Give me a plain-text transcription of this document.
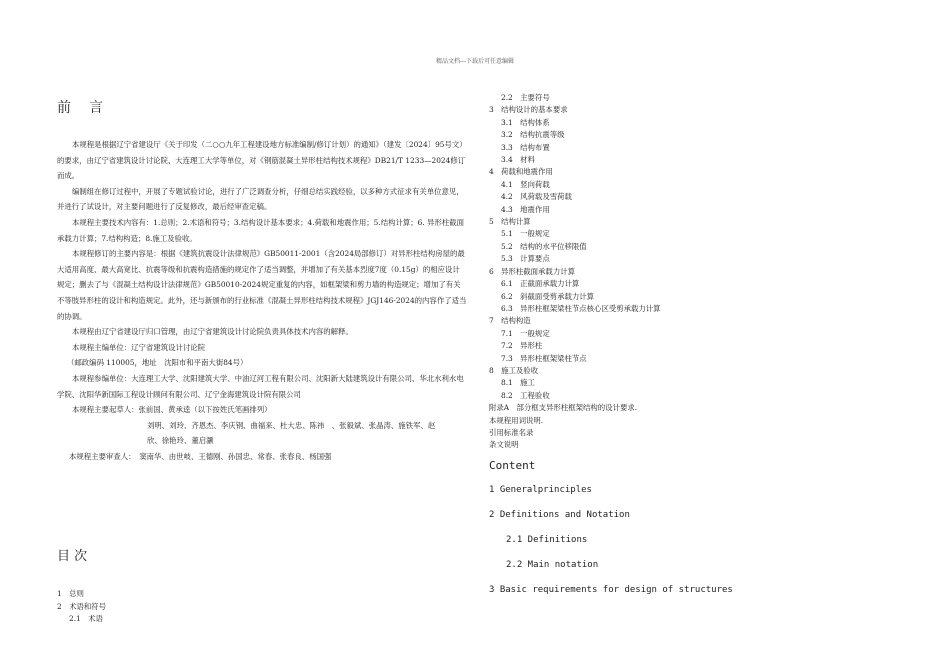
精品文档---下载后可任意编辑
前 言
本规程是根据辽宁省建设厅《关于印发（二○○九年工程建设地方标准编制/修订计划）的通知》（建发〔2024〕95号文）的要求，由辽宁省建筑设计讨论院、大连理工大学等单位，对《钢筋混凝土异形柱结构技术规程》DB21/T 1233—2024修订而成。
编制组在修订过程中，开展了专题试验讨论，进行了广泛调查分析，仔细总结实践经验，以多种方式征求有关单位意见，并进行了试设计，对主要问题进行了反复修改，最后经审查定稿。
本规程主要技术内容有：1.总则；2.术语和符号；3.结构设计基本要求；4.荷载和地震作用；5.结构计算；6. 异形柱截面承载力计算；7.结构构造；8.施工及验收。
本规程修订的主要内容是：根据《建筑抗震设计法律规范》GB50011-2001（含2024局部修订）对异形柱结构房屋的最大适用高度、最大高宽比、抗震等级和抗震构造措施的规定作了适当调整，并增加了有关基本烈度7度（0.15g）的相应设计规定；删去了与《混凝土结构设计法律规范》GB50010-2024规定重复的内容，如框架梁和剪力墙的构造规定；增加了有关不等肢异形柱的设计和构造规定。此外，还与新颁布的行业标准《混凝土异形柱结构技术规程》JGJ146-2024的内容作了适当的协调。
本规程由辽宁省建设厅归口管理，由辽宁省建筑设计讨论院负责具体技术内容的解释。
本规程主编单位：辽宁省建筑设计讨论院
（邮政编码 110005，地址　沈阳市和平南大街84号）
本规程参编单位：大连理工大学、沈阳建筑大学、中油辽河工程有限公司、沈阳新大陆建筑设计有限公司、华北水利水电学院、沈阳华新国际工程设计顾问有限公司、辽宁金海建筑设计院有限公司
本规程主要起草人：张前国、黄承逵（以下按姓氏笔画排列）
刘明、刘玲、齐恩杰、李庆钢、曲福来、杜大忠、陈祎　、张毅斌、张晶涛、施铁军、赵
欣、徐艳玲、董启灏
本规程主要审查人：　窦南华、由世岐、王德刚、孙国忠、常春、张春良、杨国强
目 次
1　总则
2　术语和符号
2.1　术语
2.2　主要符号
3　结构设计的基本要求
3.1　结构体系
3.2　结构抗震等级
3.3　结构布置
3.4　材料
4　荷载和地震作用
4.1　竖向荷载
4.2　风荷载及雪荷载
4.3　地震作用
5　结构计算
5.1　一般规定
5.2　结构的水平位移限值
5.3　计算要点
6　异形柱截面承载力计算
6.1　正截面承载力计算
6.2　斜截面受剪承载力计算
6.3　异形柱框架梁柱节点核心区受剪承载力计算
7　结构构造
7.1　一般规定
7.2　异形柱
7.3　异形柱框架梁柱节点
8　施工及验收
8.1　施工
8.2　工程验收
附录A　部分框支异形柱框架结构的设计要求.
本规程用词说明.
引用标准名录
条文说明
Content
1 Generalprinciples
2 Definitions and Notation
2.1 Definitions
2.2 Main notation
3 Basic requirements for design of structures
